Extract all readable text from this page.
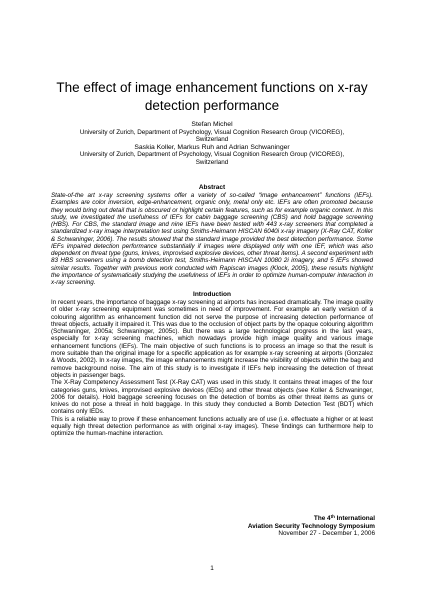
The effect of image enhancement functions on x-ray
detection performance
Stefan Michel
University of Zurich, Department of Psychology, Visual Cognition Research Group (VICOREG),
Switzerland
Saskia Koller, Markus Ruh and Adrian Schwaninger
University of Zurich, Department of Psychology, Visual Cognition Research Group (VICOREG),
Switzerland
Abstract
State-of-the art x-ray screening systems offer a variety of so-called “image enhancement” functions (IEFs). Examples are color inversion, edge-enhancement, organic only, metal only etc. IEFs are often promoted because they would bring out detail that is obscured or highlight certain features, such as for example organic content. In this study, we investigated the usefulness of IEFs for cabin baggage screening (CBS) and hold baggage screening (HBS). For CBS, the standard image and nine IEFs have been tested with 443 x-ray screeners that completed a standardized x-ray image interpretation test using Smiths-Heimann HISCAN 6040i x-ray imagery (X-Ray CAT, Koller & Schwaninger, 2006). The results showed that the standard image provided the best detection performance. Some IEFs impaired detection performance substantially if images were displayed only with one IEF, which was also dependent on threat type (guns, knives, improvised explosive devices, other threat items). A second experiment with 83 HBS screeners using a bomb detection test, Smiths-Heimann HISCAN 10080 2i imagery, and 5 IEFs showed similar results. Together with previous work conducted with Rapiscan images (Klock, 2005), these results highlight the importance of systematically studying the usefulness of IEFs in order to optimize human-computer interaction in x-ray screening.
Introduction

In recent years, the importance of baggage x-ray screening at airports has increased dramatically. The image quality of older x-ray screening equipment was sometimes in need of improvement. For example an early version of a colouring algorithm as enhancement function did not serve the purpose of increasing detection performance of threat objects, actually it impaired it. This was due to the occlusion of object parts by the opaque colouring algorithm (Schwaninger, 2005a; Schwaninger, 2005c). But there was a large technological progress in the last years, especially for x-ray screening machines, which nowadays provide high image quality and various image enhancement functions (IEFs). The main objective of such functions is to process an image so that the result is more suitable than the original image for a specific application as for example x-ray screening at airports (Gonzalez & Woods, 2002). In x-ray images, the image enhancements might increase the visibility of objects within the bag and remove background noise. The aim of this study is to investigate if IEFs help increasing the detection of threat objects in passenger bags.

The X-Ray Competency Assessment Test (X-Ray CAT) was used in this study. It contains threat images of the four categories guns, knives, improvised explosive devices (IEDs) and other threat objects (see Koller & Schwaninger, 2006 for details). Hold baggage screening focuses on the detection of bombs as other threat items as guns or knives do not pose a threat in hold baggage. In this study they conducted a Bomb Detection Test (BDT) which contains only IEDs.

This is a reliable way to prove if these enhancement functions actually are of use (i.e. effectuate a higher or at least equally high threat detection performance as with original x-ray images). These findings can furthermore help to optimize the human-machine interaction.

The 4th International
Aviation Security Technology Symposium
November 27 - December 1, 2006
1
